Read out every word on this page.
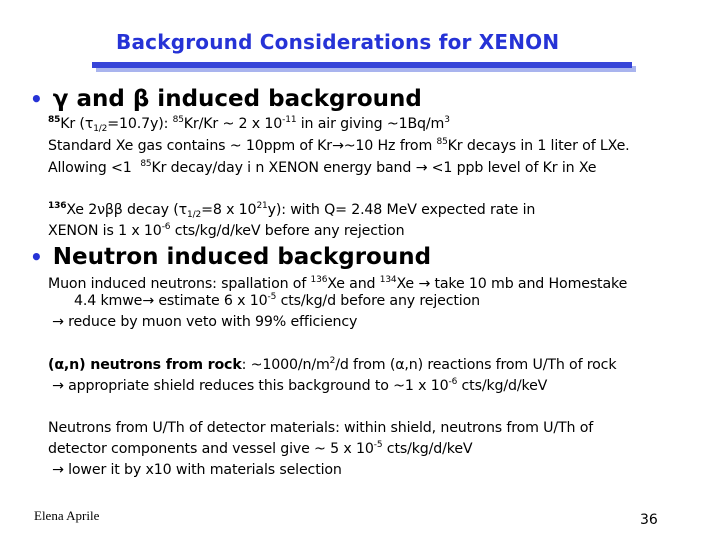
Background Considerations for XENON
• γ and β induced background
$^{85}$Kr $(\tau_{1/2}=10.7y)$: $^{85}$Kr/Kr ~ 2 x $10^{-11}$ in air giving $\sim 1Bq/m^3$
Standard Xe gas contains ~ 10ppm of Kr→~10 Hz from $^{85}$Kr decays in 1 liter of LXe.
Allowing <1  $^{85}$Kr decay/day i n XENON energy band → <1 ppb level of Kr in Xe
$^{136}$Xe 2νββ decay ($\tau_{1/2}=8$ x $10^{21}y$): with Q= 2.48 MeV expected rate in
XENON is 1 x $10^{-6}$ cts/kg/d/keV before any rejection
• Neutron induced background
Muon induced neutrons: spallation of $^{136}$Xe and $^{134}$Xe → take 10 mb and Homestake
4.4 kmwe→ estimate 6 x $10^{-5}$ cts/kg/d before any rejection
→ reduce by muon veto with 99% efficiency
(α,n) neutrons from rock: $\sim 1000/n/m^2/d$ from (α,n) reactions from U/Th of rock
→ appropriate shield reduces this background to ~1 x $10^{-6}$ cts/kg/d/keV
Neutrons from U/Th of detector materials: within shield, neutrons from U/Th of
detector components and vessel give ~ 5 x $10^{-5}$ cts/kg/d/keV
→ lower it by x10 with materials selection
Elena Aprile	36
